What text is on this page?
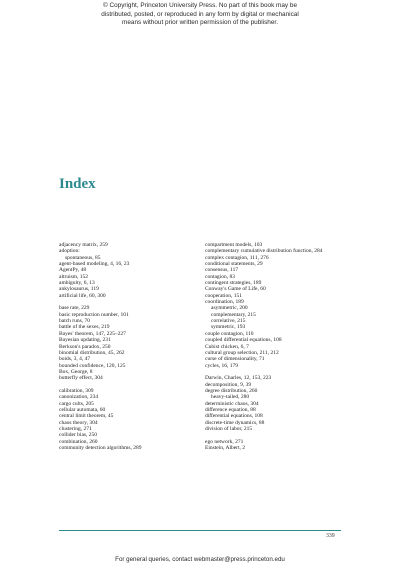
© Copyright, Princeton University Press. No part of this book may be
distributed, posted, or reproduced in any form by digital or mechanical
means without prior written permission of the publisher.
Index
adjacency matrix, 259
adoption:
spontaneous, 85
agent-based modeling, 4, 16, 23
AgentPy, 48
altruism, 152
ambiguity, 6, 13
ankylosaurus, 119
artificial life, 60, 300
base rate, 229
basic reproduction number, 101
batch runs, 70
battle of the sexes, 219
Bayes' theorem, 147, 225–227
Bayesian updating, 231
Berkson's paradox, 250
binomial distribution, 45, 262
boids, 3, 4, 47
bounded confidence, 120, 125
Box, George, 8
butterfly effect, 304
calibration, 309
canonization, 234
cargo cults, 205
cellular automata, 60
central limit theorem, 45
chaos theory, 304
clustering, 271
collider bias, 250
combination, 260
community detection algorithms, 289
compartment models, 103
complementary cumulative distribution function, 284
complex contagion, 111, 276
conditional statements, 29
consensus, 117
contagion, 83
contingent strategies, 189
Conway's Game of Life, 60
cooperation, 151
coordination, 189
asymmetric, 200
complementary, 215
correlative, 215
symmetric, 193
couple contagion, 110
coupled differential equations, 108
Cubist chicken, 6, 7
cultural group selection, 211, 212
curse of dimensionality, 71
cycles, 16, 179
Darwin, Charles, 12, 153, 223
decomposition, 9, 39
degree distribution, 260
heavy-tailed, 280
deterministic chaos, 304
difference equation, 88
differential equations, 108
discrete-time dynamics, 88
division of labor, 215
ego network, 271
Einstein, Albert, 2
339
For general queries, contact webmaster@press.princeton.edu
